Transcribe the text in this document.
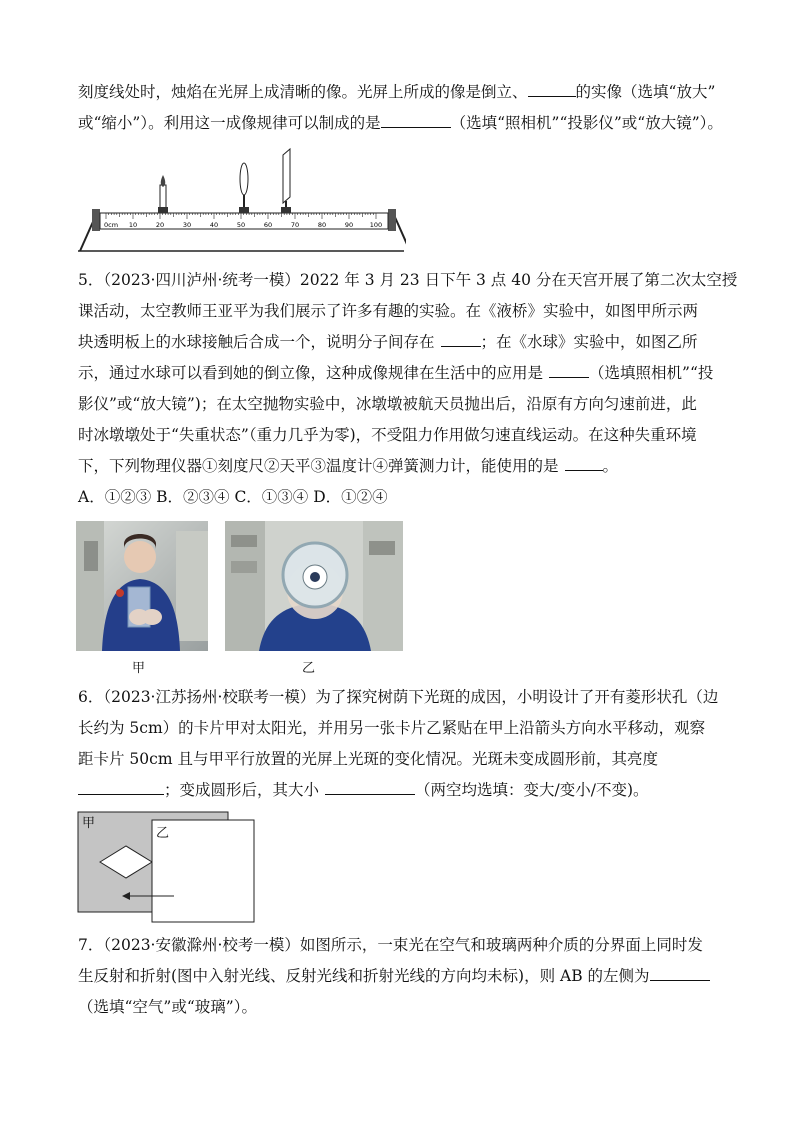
刻度线处时，烛焰在光屏上成清晰的像。光屏上所成的像是倒立、	的实像（选填“放大”
或“缩小”）。利用这一成像规律可以制成的是	（选填“照相机”“投影仪”或“放大镜”）。
0cm 10	20	30	40	50	60	70	80	90	100
5．（2023·四川泸州·统考一模）2022 年 3 月 23 日下午 3 点 40 分在天宫开展了第二次太空授
课活动，太空教师王亚平为我们展示了许多有趣的实验。在《液桥》实验中，如图甲所示两
块透明板上的水球接触后合成一个，说明分子间存在	；在《水球》实验中，如图乙所
示，通过水球可以看到她的倒立像，这种成像规律在生活中的应用是	（选填照相机”“投
影仪”或“放大镜”)；在太空抛物实验中，冰墩墩被航天员抛出后，沿原有方向匀速前进，此
时冰墩墩处于“失重状态”（重力几乎为零)，不受阻力作用做匀速直线运动。在这种失重环境
下，下列物理仪器①刻度尺②天平③温度计④弹簧测力计，能使用的是	。
A．①②③ B．②③④ C．①③④ D．①②④
甲	乙
6．（2023·江苏扬州·校联考一模）为了探究树荫下光斑的成因，小明设计了开有菱形状孔（边
长约为 5cm）的卡片甲对太阳光，并用另一张卡片乙紧贴在甲上沿箭头方向水平移动，观察
距卡片 50cm 且与甲平行放置的光屏上光斑的变化情况。光斑未变成圆形前，其亮度
；变成圆形后，其大小	（两空均选填：变大/变小/不变)。
甲
乙
7．（2023·安徽滁州·校考一模）如图所示，一束光在空气和玻璃两种介质的分界面上同时发
生反射和折射(图中入射光线、反射光线和折射光线的方向均未标)，则 AB 的左侧为
（选填“空气”或“玻璃”）。
